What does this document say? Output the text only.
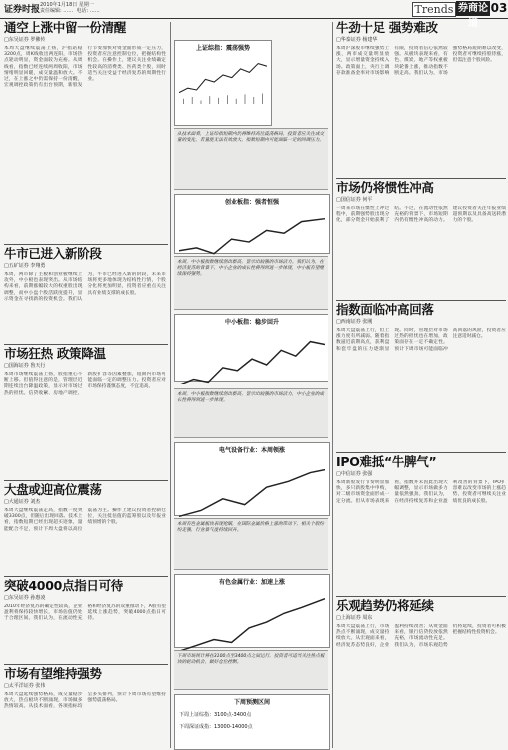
证券时报 2010年1月18日 星期一
责任编辑: ……  电话: ……	Trends 券商论道
03
通空上涨中留一份清醒
□东吴证券 罗佛传
本周大盘继续震荡上扬，沪指站稳3200点，周K线收出两连阳，市场热点轮动明显，资金面较为充裕。从周线看，指数已经连续两周收阳，市场情绪明显回暖，成交量温和放大。不过，在上涨之中仍需保持一份清醒，宏观调控政策仍有出台预期，新股发行节奏加快对资金面形成一定压力，投资者应注意控制仓位，把握结构性机会。在操作上，建议关注业绩确定性较高的消费类、医药类个股，同时适当关注受益于经济复苏的周期性行业。
牛市已进入新阶段
□五矿证券 李翔勇
本周，两市除了主板和创业板继续上攻外，中小板也表现突出。从市场结构来看，前期涨幅较大的权重股出现调整，而中小盘个股活跃度提升，显示资金在寻找新的投资机会。我们认为，牛市已经进入新的阶段，未来市场将更多地体现为结构性行情，个股分化将更加明显，投资者应重点关注具有业绩支撑的成长股。
市场狂热 政策降温
□国海证券 鲁天行
本周市场继续震荡上扬，股指重心不断上移。但值得注意的是，管理层近期连续出台降温政策，显示对市场过热的担忧。信贷收紧、房地产调控、新股扩容等因素叠加，短期内市场可能面临一定的调整压力。投资者应对市场保持谨慎态度，不宜追高。
大盘或迎高位震荡
□大通证券 刘杰
本周大盘继续震荡走高，指数一度突破3300点，但随后出现回落。技术上看，指数短期已经出现超买迹象，量能配合不足，预计下周大盘将以高位震荡为主。操作上建议投资者控制仓位，关注低估值的蓝筹股以及年报业绩预增的个股。
突破4000点指日可待
□东吴证券 孙惠凌
2010年经济复苏的确定性较高，企业盈利将保持较快增长，市场估值仍处于合理区间。我们认为，在流动性充裕和经济复苏的双重推动下，A股有望延续上涨趋势，突破4000点指日可待。
市场有望维持强势
□太平洋证券 张伟
本周大盘延续强势格局，成交量稳步放大，热点板块不断涌现，市场做多热情较高。从技术面看，各项指标均呈多头排列，预计下周市场有望维持强势震荡格局。
上证综指：震荡强势
从技术面看，上证综指短期内仍将维持高位震荡格局，投资者应关注成交量的变化，若量能无法有效放大，指数短期内可能面临一定的回调压力。
创业板指：强者恒强
本周，中小板指数继续创出新高，显示出较强的市场活力。我们认为，在经济复苏的背景下，中小企业的成长性将得到进一步体现，中小板有望继续保持强势。
中小板指：稳步回升
本周，中小板指数继续创出新高，显示出较强的市场活力，中小企业的成长性将得到进一步体现。
电气设备行业：本周领涨
本周有色金属板块表现抢眼，在国际金属价格上涨的带动下，相关个股纷纷走强，行业景气度持续回升。
有色金属行业：加速上涨
下周市场预计将在3100点至3400点之间运行，投资者可适当关注热点板块的轮动机会，做好仓位控制。
下周预测区间
下周上证综指：3100点-3400点
下周深证成指：13000-14000点
牛劲十足 强势难改
□华泰证券 杨建华
本周沪深股市继续强势上涨，两市成交量明显放大，显示增量资金持续入场。政策面上，央行上调存款准备金率对市场影响有限，投资者信心依然较强。从板块表现来看，有色、煤炭、地产等权重板块轮番上涨，推动指数不断走高。我们认为，市场强势格局短期难以改变，投资者可继续持股待涨，但需注意个股风险。
市场仍将惯性冲高
□国信证券 何平
一周来市场在惯性上冲过程中，前期强势股出现分化，部分资金开始获利了结。不过，在流动性依然充裕的背景下，市场短期内仍有惯性冲高的动力。建议投资者关注年报业绩超预期以及具备高送转潜力的个股。
指数面临冲高回落
□西南证券 张刚
本周大盘震荡上行，但上涨力度有所减弱。随着指数逼近前期高点，获利盘和套牢盘的压力逐渐显现。同时，管理层对市场过热的担忧也在增加，政策面存在一定不确定性。预计下周市场可能面临冲高回落的风险，投资者应注意适时减仓。
IPO难抵“牛脾气”
□中信证券 张强
本周新股发行节奏明显加快，多只新股集中申购，对二级市场资金面形成一定分流。但从市场表现来看，指数并未因此出现大幅调整，显示市场做多力量依然强劲。我们认为，在经济持续复苏和企业盈利改善的背景下，IPO扩容难以改变市场的上涨趋势，投资者可继续关注业绩优良的成长股。
乐观趋势仍将延续
□上海证券 周东
本周大盘震荡上行，市场热点不断涌现，成交量持续放大。从宏观面来看，经济复苏态势良好，企业盈利持续改善；从资金面来看，银行信贷投放依然充裕，市场流动性充足。我们认为，市场乐观趋势仍将延续，投资者可积极把握结构性投资机会。
